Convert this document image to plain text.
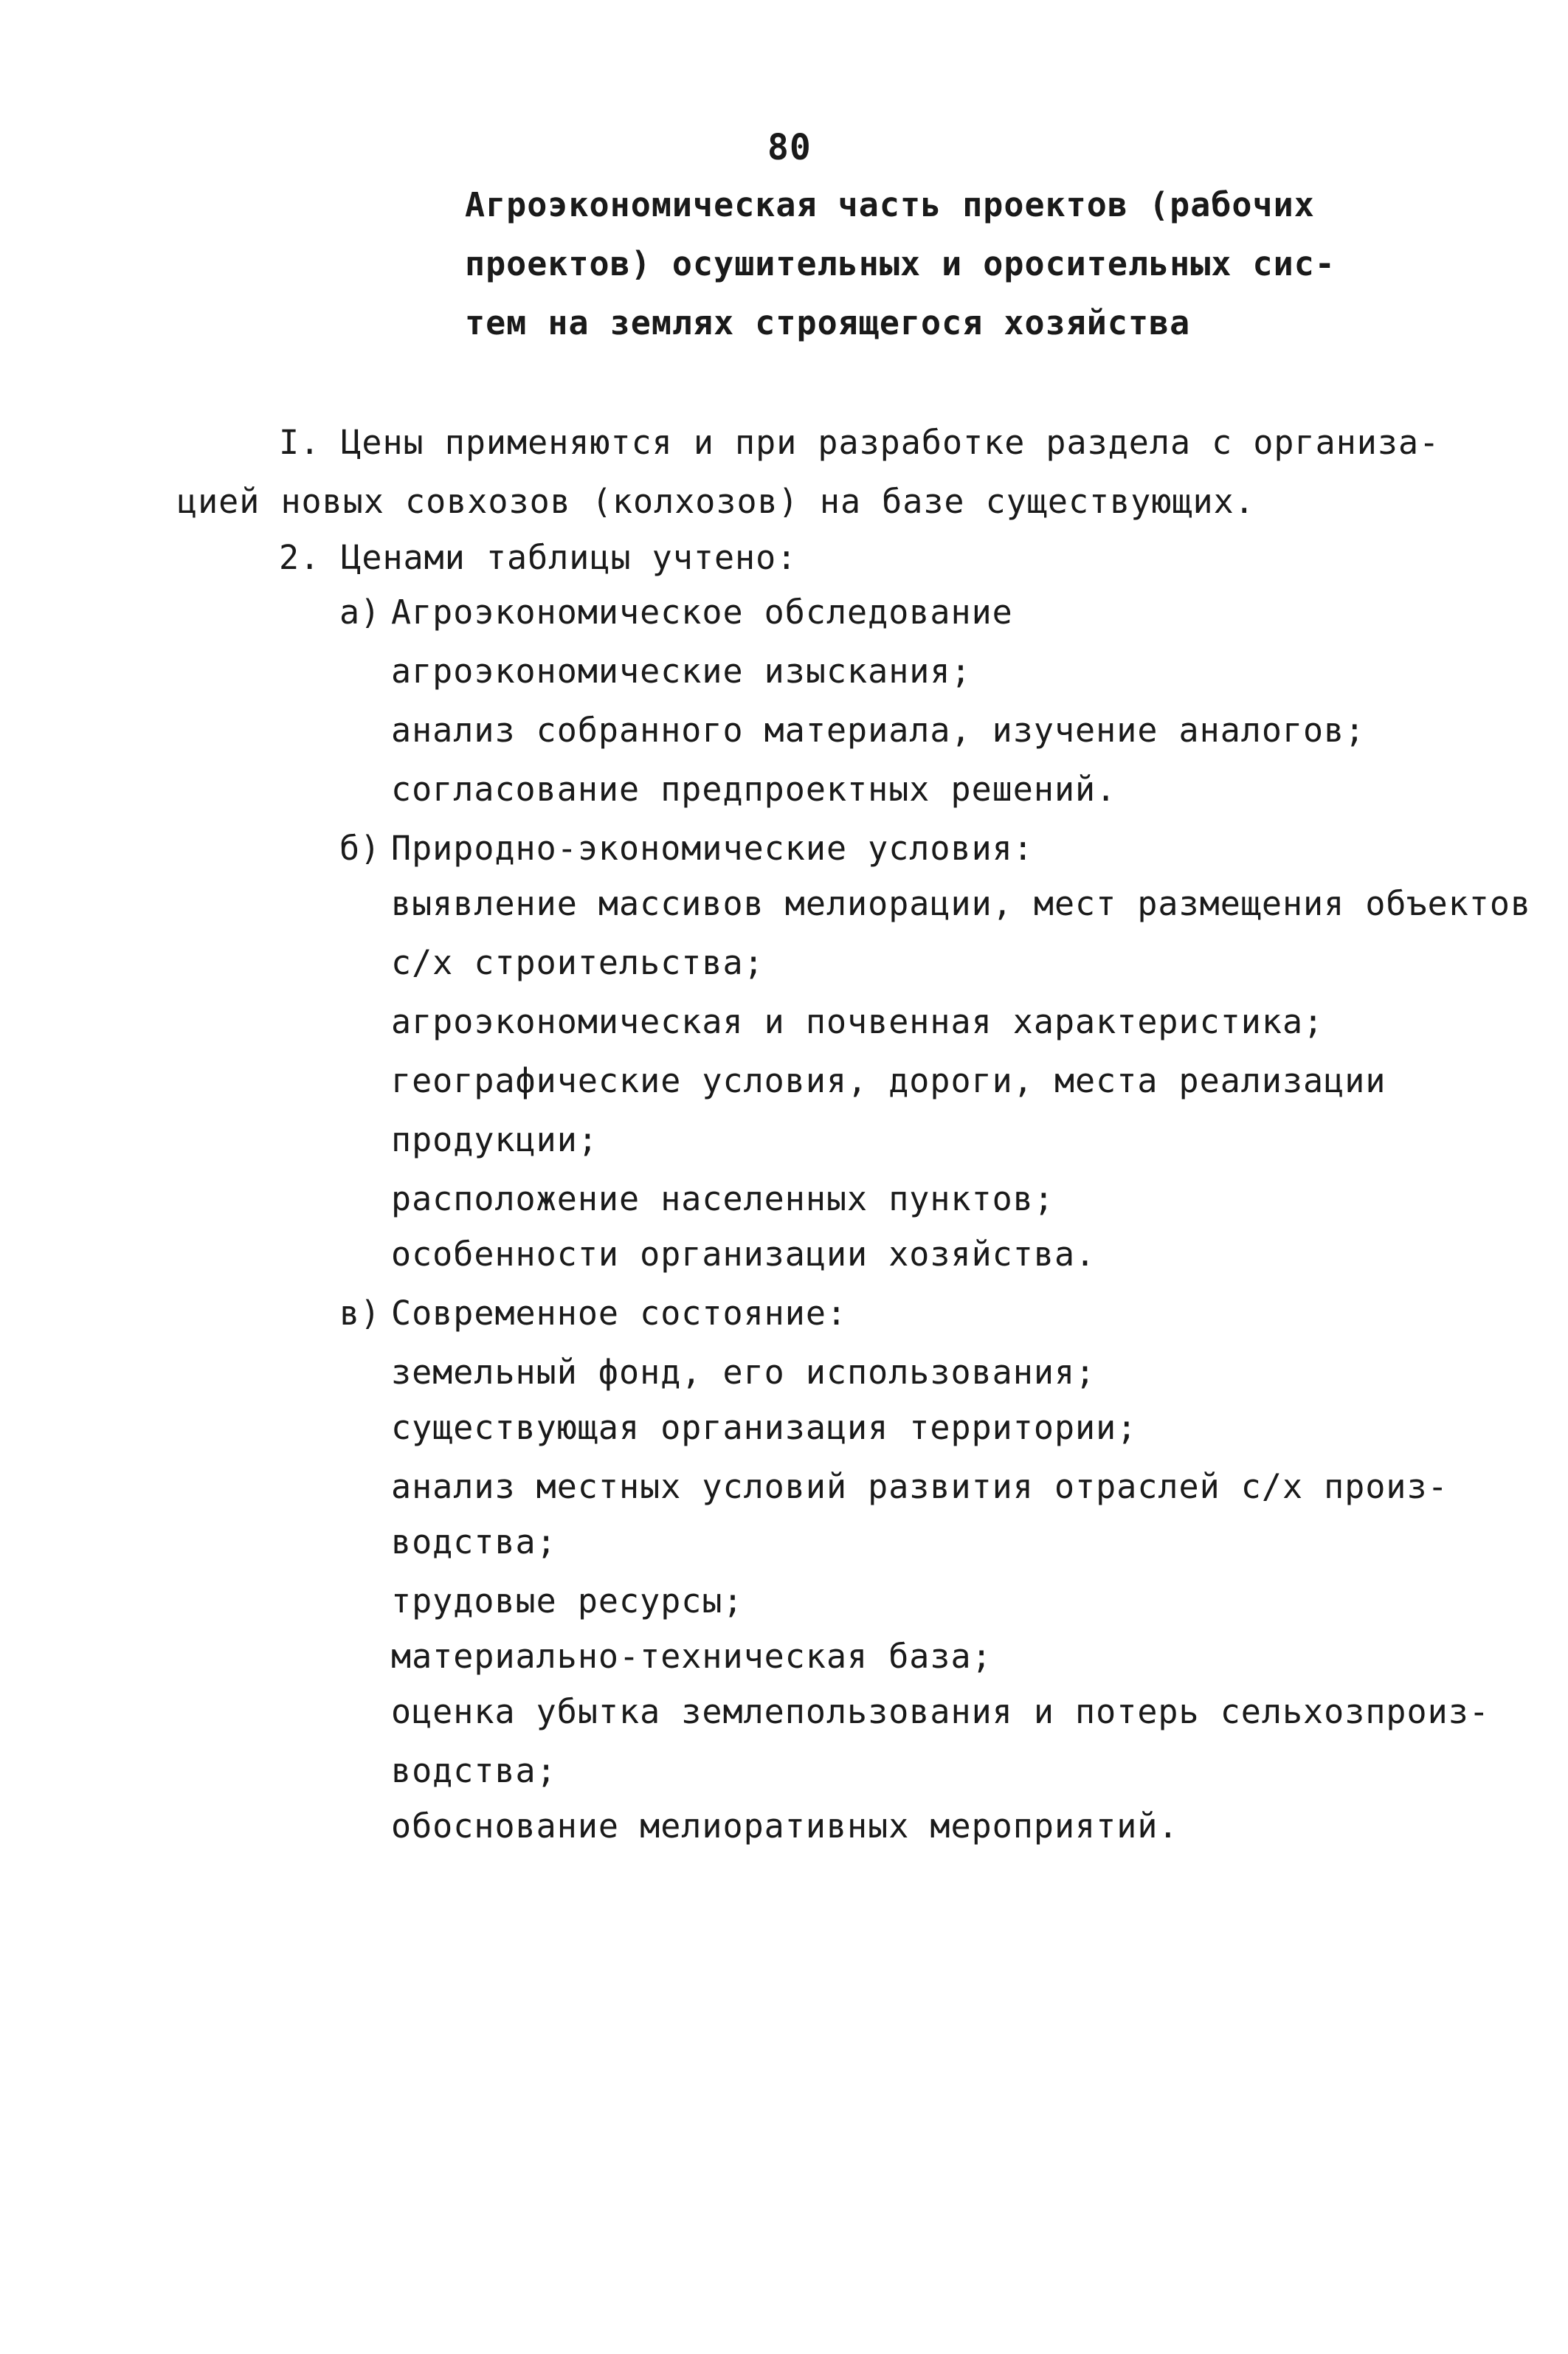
80
Агроэкономическая часть проектов (рабочих
проектов) осушительных и оросительных сис-
тем на землях строящегося хозяйства
I. Цены применяются и при разработке раздела с организа-
цией новых совхозов (колхозов) на базе существующих.
2. Ценами таблицы учтено:
а) Агроэкономическое обследование
агроэкономические изыскания;
анализ собранного материала, изучение аналогов;
согласование предпроектных решений.
б) Природно-экономические условия:
выявление массивов мелиорации, мест размещения объектов
с/х строительства;
агроэкономическая и почвенная характеристика;
географические условия, дороги, места реализации
продукции;
расположение населенных пунктов;
особенности организации хозяйства.
в) Современное состояние:
земельный фонд, его использования;
существующая организация территории;
анализ местных условий развития отраслей с/х произ-
водства;
трудовые ресурсы;
материально-техническая база;
оценка убытка землепользования и потерь сельхозпроиз-
водства;
обоснование мелиоративных мероприятий.
